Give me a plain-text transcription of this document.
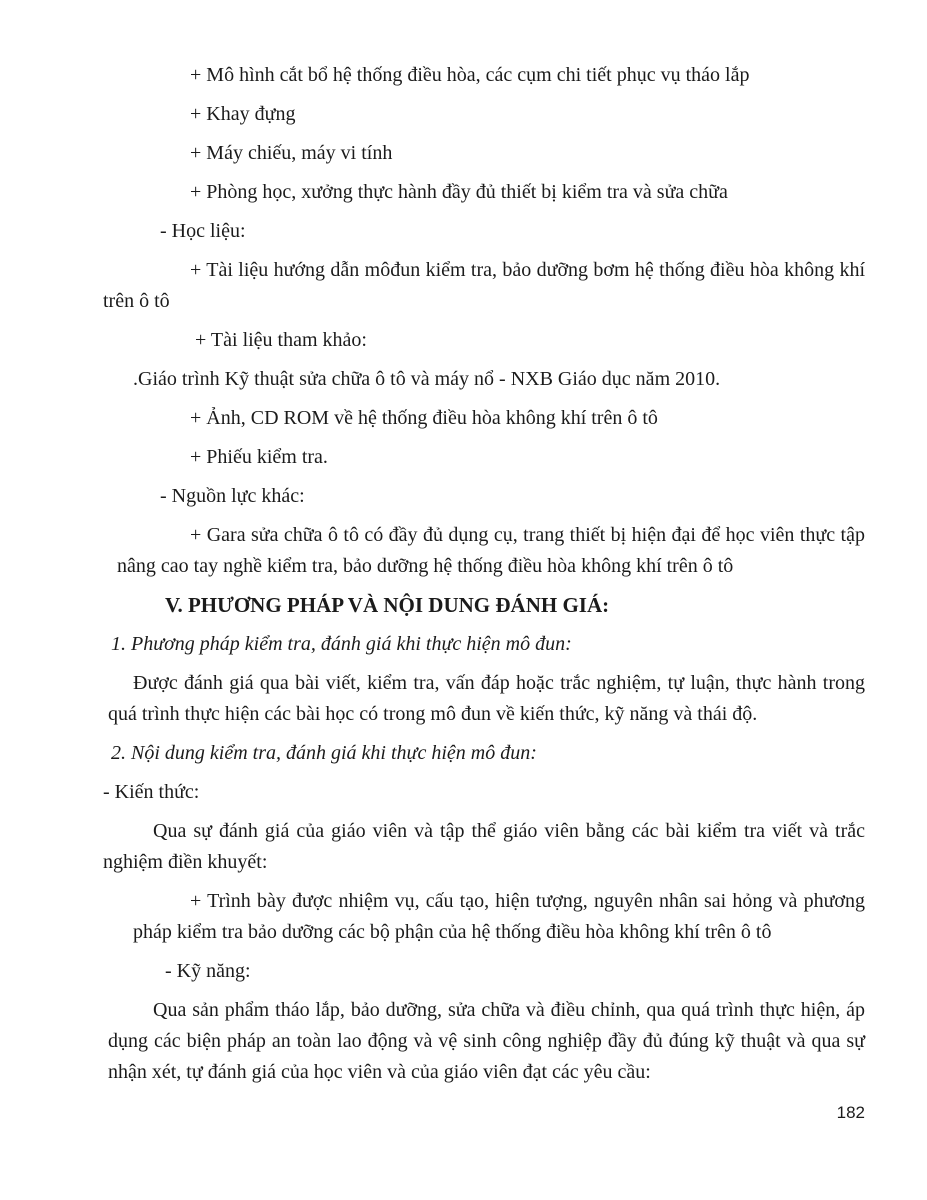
+ Mô hình cắt bổ hệ thống điều hòa, các cụm chi tiết phục vụ tháo lắp

+ Khay đựng

+ Máy chiếu, máy vi tính

+ Phòng học, xưởng thực hành đầy đủ thiết bị kiểm tra và sửa chữa

- Học liệu:

+ Tài liệu hướng dẫn môđun kiểm tra, bảo dưỡng bơm hệ thống điều hòa không khí trên ô tô

+ Tài liệu tham khảo:

.Giáo trình Kỹ thuật sửa chữa ô tô và máy nổ - NXB Giáo dục năm 2010.

+ Ảnh, CD ROM về hệ thống điều hòa không khí trên ô tô

+ Phiếu kiểm tra.

- Nguồn lực khác:

+ Gara sửa chữa ô tô có đầy đủ dụng cụ, trang thiết bị hiện đại để học viên thực tập nâng cao tay nghề kiểm tra, bảo dưỡng hệ thống điều hòa không khí trên ô tô

V. PHƯƠNG PHÁP VÀ NỘI DUNG ĐÁNH GIÁ:

1. Phương pháp kiểm tra, đánh giá khi thực hiện mô đun:

Được đánh giá qua bài viết, kiểm tra, vấn đáp hoặc trắc nghiệm, tự luận, thực hành trong quá trình thực hiện các bài học có trong mô đun về kiến thức, kỹ năng và thái độ.

2. Nội dung kiểm tra, đánh giá khi thực hiện mô đun:

- Kiến thức:

Qua sự đánh giá của giáo viên và tập thể giáo viên bằng các bài kiểm tra viết và trắc nghiệm điền khuyết:

+ Trình bày được nhiệm vụ, cấu tạo, hiện tượng, nguyên nhân sai hỏng và phương pháp kiểm tra bảo dưỡng các bộ phận của hệ thống điều hòa không khí trên ô tô

- Kỹ năng:

Qua sản phẩm tháo lắp, bảo dưỡng, sửa chữa và điều chỉnh, qua quá trình thực hiện, áp dụng các biện pháp an toàn lao động và vệ sinh công nghiệp đầy đủ đúng kỹ thuật và qua sự nhận xét, tự đánh giá của học viên và của giáo viên đạt các yêu cầu:

182
